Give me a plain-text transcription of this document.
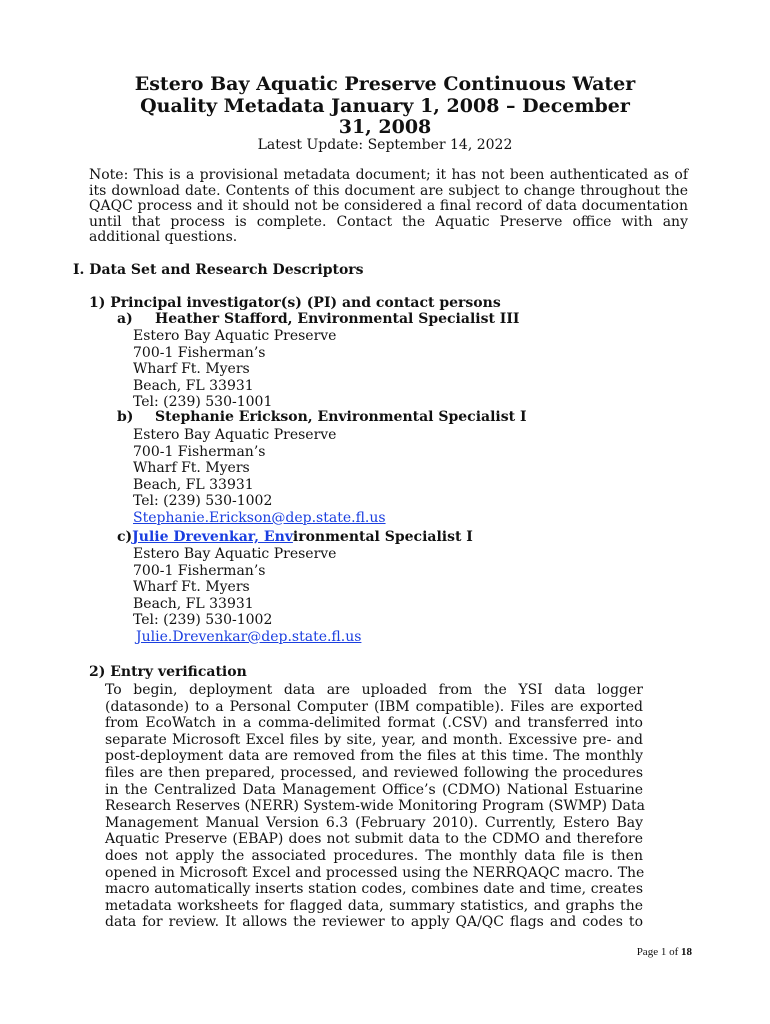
Estero Bay Aquatic Preserve Continuous Water
Quality Metadata January 1, 2008 – December
31, 2008
Latest Update: September 14, 2022
Note: This is a provisional metadata document; it has not been authenticated as of
its download date. Contents of this document are subject to change throughout the
QAQC process and it should not be considered a final record of data documentation
until that process is complete. Contact the Aquatic Preserve office with any
additional questions.
I. Data Set and Research Descriptors
1) Principal investigator(s) (PI) and contact persons
a) Heather Stafford, Environmental Specialist III
Estero Bay Aquatic Preserve
700-1 Fisherman’s
Wharf Ft. Myers
Beach, FL 33931
Tel: (239) 530-1001
b) Stephanie Erickson, Environmental Specialist I
Estero Bay Aquatic Preserve
700-1 Fisherman’s
Wharf Ft. Myers
Beach, FL 33931
Tel: (239) 530-1002
Stephanie.Erickson@dep.state.fl.us
c)Julie Drevenkar, Environmental Specialist I
Estero Bay Aquatic Preserve
700-1 Fisherman’s
Wharf Ft. Myers
Beach, FL 33931
Tel: (239) 530-1002
Julie.Drevenkar@dep.state.fl.us
2) Entry verification
To begin, deployment data are uploaded from the YSI data logger
(datasonde) to a Personal Computer (IBM compatible). Files are exported
from EcoWatch in a comma-delimited format (.CSV) and transferred into
separate Microsoft Excel files by site, year, and month. Excessive pre- and
post-deployment data are removed from the files at this time. The monthly
files are then prepared, processed, and reviewed following the procedures
in the Centralized Data Management Office’s (CDMO) National Estuarine
Research Reserves (NERR) System-wide Monitoring Program (SWMP) Data
Management Manual Version 6.3 (February 2010). Currently, Estero Bay
Aquatic Preserve (EBAP) does not submit data to the CDMO and therefore
does not apply the associated procedures. The monthly data file is then
opened in Microsoft Excel and processed using the NERRQAQC macro. The
macro automatically inserts station codes, combines date and time, creates
metadata worksheets for flagged data, summary statistics, and graphs the
data for review. It allows the reviewer to apply QA/QC flags and codes to
Page 1 of 18
